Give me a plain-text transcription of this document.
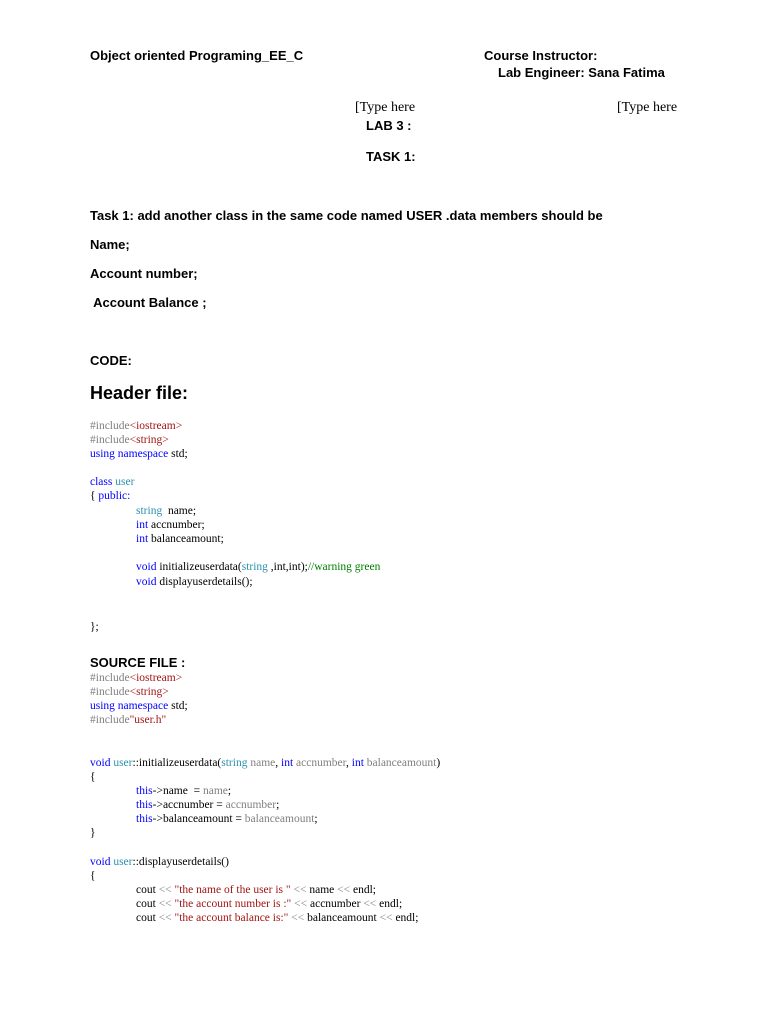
Object oriented Programing_EE_C	Course Instructor:
Lab Engineer: Sana Fatima
[Type here	[Type here
LAB 3 :
TASK 1:
Task 1: add another class in the same code named USER .data members should be
Name;
Account number;
Account Balance ;
CODE:
Header file:
#include<iostream>
#include<string>
using namespace std;
class user
{ public:
string  name;
int accnumber;
int balanceamount;
void initializeuserdata(string ,int,int);//warning green
void displayuserdetails();
};
SOURCE FILE :
#include<iostream>
#include<string>
using namespace std;
#include"user.h"
void user::initializeuserdata(string name, int accnumber, int balanceamount)
{
this->name  = name;
this->accnumber = accnumber;
this->balanceamount = balanceamount;
}
void user::displayuserdetails()
{
cout << "the name of the user is " << name << endl;
cout << "the account number is :" << accnumber << endl;
cout << "the account balance is:" << balanceamount << endl;
